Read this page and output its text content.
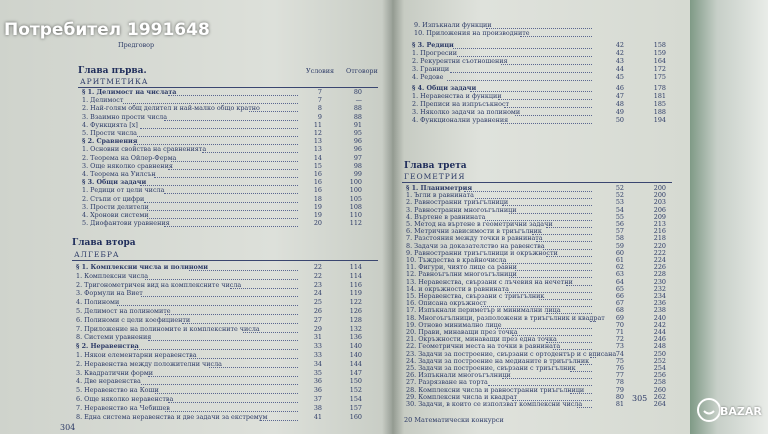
Предговор
Условия Отговори
Глава първа.
АРИТМЕТИКА
§ 1. Делимост на числата	7	80
1. Делимост	7	—
2. Най-голям общ делител и най-малко общо кратно	8	88
3. Взаимно прости числа	9	88
4. Функцията [x]	11	91
5. Прости числа	12	95
§ 2. Сравнения	13	96
1. Основни свойства на сравненията	13	96
2. Теорема на Ойлер-Ферма	14	97
3. Още няколко сравнения	15	98
4. Теорема на Уилсън	16	99
§ 3. Общи задачи	16	100
1. Редици от цели числа	16	100
2. Стъпи от цифри	18	105
3. Прости делители	19	108
4. Хронови системи	19	110
5. Диофантови уравнения	20	112
Глава втора
АЛГЕБРА
§ 1. Комплексни числа и полиноми	22	114
1. Комплексни числа	22	114
2. Тригонометричен вид на комплексните числа	23	116
3. Формули на Виет	24	119
4. Полиноми	25	122
5. Делимост на полиномите	26	126
6. Полиноми с цели коефициенти	27	128
7. Приложение на полиномите и комплексните числа	29	132
8. Системи уравнения	31	136
§ 2. Неравенства	33	140
1. Някои елементарни неравенства	33	140
2. Неравенства между положителни числа	34	144
3. Квадратични форми	35	147
4. Две неравенства	36	150
5. Неравенство на Коши	36	152
6. Още няколко неравенства	37	154
7. Неравенство на Чебишев	38	157
8. Една система неравенства и две задачи за екстремум	41	160
304
9. Изпъкнали функции
10. Приложения на производните
§ 3. Редици	42	158
1. Прогресии	42	159
2. Рекурентни съотношения	43	164
3. Граници	44	172
4. Редове	45	175
§ 4. Общи задачи	46	178
1. Неравенства и функции	47	181
2. Преписи на изпръсъкност	48	185
3. Няколко задачи за полиноми	49	188
4. Функционални уравнения	50	194
Глава трета
ГЕОМЕТРИЯ
§ 1. Планиметрия	52	200
1. Ъгли в равнината	52	200
2. Равностранни триъгълници	53	203
3. Равностранни многоъгълници	54	206
4. Въртене в равнината	55	209
5. Метод на въртене в геометрични задачи	56	213
6. Метрични зависимости в триъгълник	57	216
7. Разстояния между точки в равнината	58	218
8. Задачи за доказателство на равенства	59	220
9. Равностранни триъгълници и окръжности	60	222
10. Тъждества в крайночисла	61	224
11. Фигури, чиято лице са равни	62	226
12. Равноъгълни многоъгълници	63	228
13. Неравенства, свързани с лъчевия на нечетни	64	230
14. и окръжности в равнината	65	232
15. Неравенства, свързани с триъгълник	66	234
16. Описана окръжност	67	236
17. Изпъкнали периметър и минимални лица	68	238
18. Многоъгълници, разположени в триъгълник и квадрат	69	240
19. Отново минимално лице	70	242
20. Прави, минаващи през точка	71	244
21. Окръжности, минаващи през една точка	72	246
22. Геометрични места на точки в равнината	73	248
23. Задачи за построение, свързани с ортодентър и с вписана 74	250
24. Задачи за построение на медианите в триъгълник	75	252
25. Задачи за построение, свързани с триъгълник	76	254
26. Изпъкнали многоъгълници	77	256
27. Разрязване на торта	78	258
28. Комплексни числа и равностранни триъгълници	79	260
29. Комплексни числа и квадрат	80	262
30. Задачи, в които се използват комплексни числа	81	264
305
20 Математически конкурси
Потребител 1991648
BAZAR
